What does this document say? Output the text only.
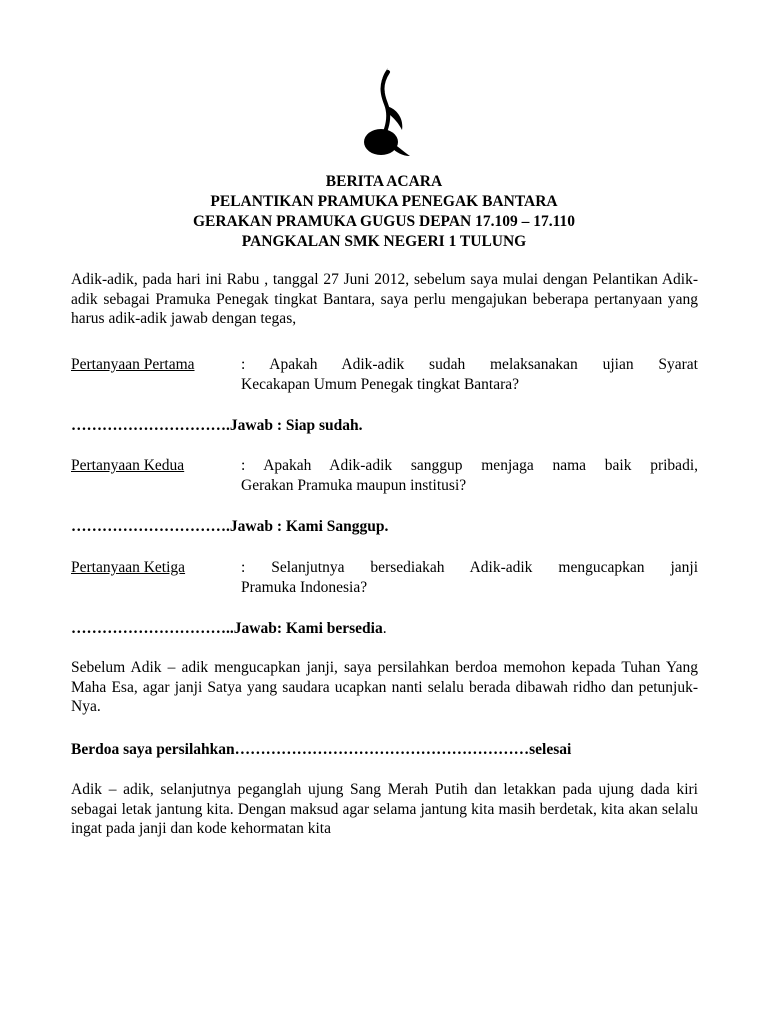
BERITA ACARA
PELANTIKAN PRAMUKA PENEGAK BANTARA
GERAKAN PRAMUKA GUGUS DEPAN 17.109 – 17.110
PANGKALAN SMK NEGERI 1 TULUNG
Adik-adik, pada hari ini Rabu , tanggal 27 Juni 2012, sebelum saya mulai dengan Pelantikan Adik-adik sebagai Pramuka Penegak tingkat Bantara, saya perlu mengajukan beberapa pertanyaan yang harus adik-adik jawab dengan tegas,
Pertanyaan Pertama	: Apakah Adik-adik sudah melaksanakan ujian Syarat
Kecakapan Umum Penegak tingkat Bantara?
………………………….Jawab : Siap sudah.
Pertanyaan Kedua	: Apakah Adik-adik sanggup menjaga nama baik pribadi,
Gerakan Pramuka maupun institusi?
………………………….Jawab : Kami Sanggup.
Pertanyaan Ketiga	: Selanjutnya bersediakah Adik-adik mengucapkan janji
Pramuka Indonesia?
…………………………..Jawab: Kami bersedia.
Sebelum Adik – adik mengucapkan janji, saya persilahkan berdoa memohon kepada Tuhan Yang Maha Esa, agar janji Satya yang saudara ucapkan nanti selalu berada dibawah ridho dan petunjuk-Nya.
Berdoa saya persilahkan…………………………………………………selesai
Adik – adik, selanjutnya peganglah ujung Sang Merah Putih dan letakkan pada ujung dada kiri sebagai letak jantung kita. Dengan maksud agar selama jantung kita masih berdetak, kita akan selalu ingat pada janji dan kode kehormatan kita
